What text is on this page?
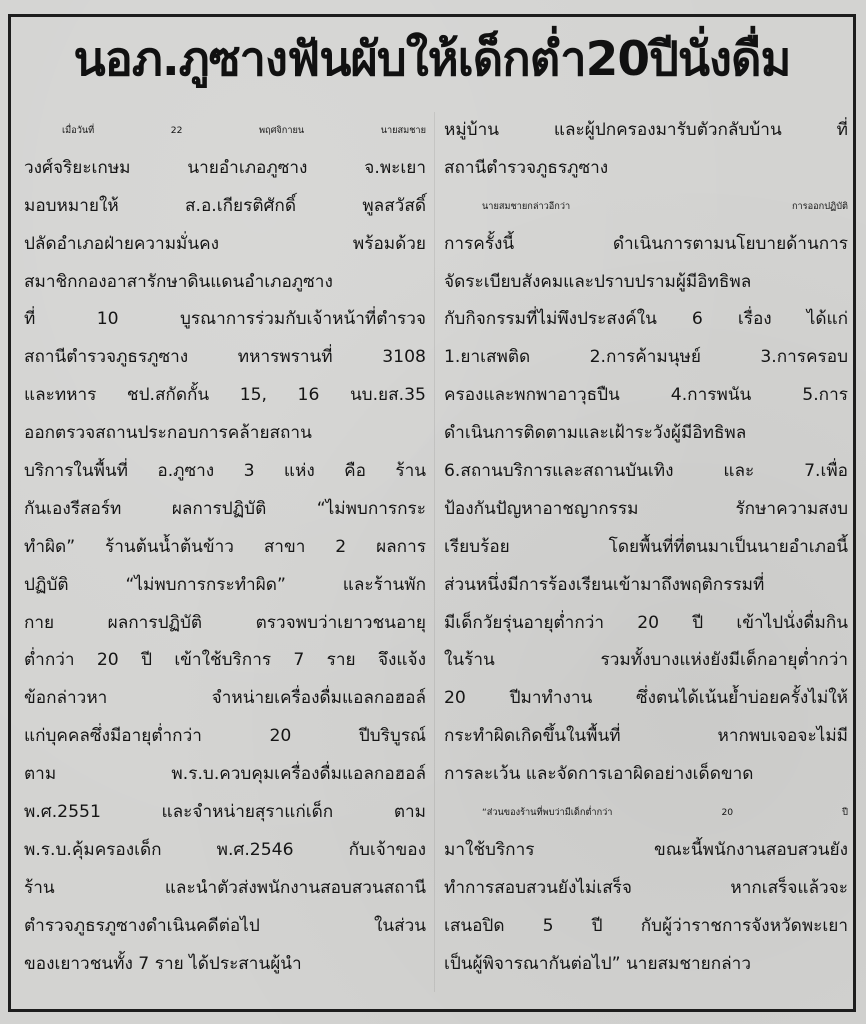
นอภ.ภูซางฟันผับให้เด็กต่ำ20ปีนั่งดื่ม
เมื่อวันที่	22	พฤศจิกายน	นายสมชาย
วงศ์จริยะเกษม	นายอำเภอภูซาง	จ.พะเยา
มอบหมายให้	ส.อ.เกียรติศักดิ์	พูลสวัสดิ์
ปลัดอำเภอฝ่ายความมั่นคง	พร้อมด้วย
สมาชิกกองอาสารักษาดินแดนอำเภอภูซาง
ที่	10	บูรณาการร่วมกับเจ้าหน้าที่ตำรวจ
สถานีตำรวจภูธรภูซาง	ทหารพรานที่	3108
และทหาร ชป.สกัดกั้น 15, 16 นบ.ยส.35
ออกตรวจสถานประกอบการคล้ายสถาน
บริการในพื้นที่ อ.ภูซาง 3 แห่ง คือ ร้าน
กันเองรีสอร์ท	ผลการปฏิบัติ	“ไม่พบการกระ
ทำผิด” ร้านต้นน้ำต้นข้าว สาขา 2 ผลการ
ปฏิบัติ	“ไม่พบการกระทำผิด”	และร้านพัก
กาย	ผลการปฏิบัติ	ตรวจพบว่าเยาวชนอายุ
ต่ำกว่า 20 ปี เข้าใช้บริการ 7 ราย จึงแจ้ง
ข้อกล่าวหา	จำหน่ายเครื่องดื่มแอลกอฮอล์
แก่บุคคลซึ่งมีอายุต่ำกว่า	20	ปีบริบูรณ์
ตาม	พ.ร.บ.ควบคุมเครื่องดื่มแอลกอฮอล์
พ.ศ.2551	และจำหน่ายสุราแก่เด็ก	ตาม
พ.ร.บ.คุ้มครองเด็ก	พ.ศ.2546	กับเจ้าของ
ร้าน	และนำตัวส่งพนักงานสอบสวนสถานี
ตำรวจภูธรภูซางดำเนินคดีต่อไป	ในส่วน
ของเยาวชนทั้ง 7 ราย ได้ประสานผู้นำ
หมู่บ้าน	และผู้ปกครองมารับตัวกลับบ้าน	ที่
สถานีตำรวจภูธรภูซาง
นายสมชายกล่าวอีกว่า	การออกปฏิบัติ
การครั้งนี้	ดำเนินการตามนโยบายด้านการ
จัดระเบียบสังคมและปราบปรามผู้มีอิทธิพล
กับกิจกรรมที่ไม่พึงประสงค์ใน 6 เรื่อง ได้แก่
1.ยาเสพติด	2.การค้ามนุษย์	3.การครอบ
ครองและพกพาอาวุธปืน	4.การพนัน	5.การ
ดำเนินการติดตามและเฝ้าระวังผู้มีอิทธิพล
6.สถานบริการและสถานบันเทิง	และ	7.เพื่อ
ป้องกันปัญหาอาชญากรรม	รักษาความสงบ
เรียบร้อย	โดยพื้นที่ที่ตนมาเป็นนายอำเภอนี้
ส่วนหนึ่งมีการร้องเรียนเข้ามาถึงพฤติกรรมที่
มีเด็กวัยรุ่นอายุต่ำกว่า 20 ปี เข้าไปนั่งดื่มกิน
ในร้าน	รวมทั้งบางแห่งยังมีเด็กอายุต่ำกว่า
20	ปีมาทำงาน	ซึ่งตนได้เน้นย้ำบ่อยครั้งไม่ให้
กระทำผิดเกิดขึ้นในพื้นที่	หากพบเจอจะไม่มี
การละเว้น และจัดการเอาผิดอย่างเด็ดขาด
“ส่วนของร้านที่พบว่ามีเด็กต่ำกว่า	20	ปี
มาใช้บริการ	ขณะนี้พนักงานสอบสวนยัง
ทำการสอบสวนยังไม่เสร็จ	หากเสร็จแล้วจะ
เสนอปิด 5 ปี กับผู้ว่าราชการจังหวัดพะเยา
เป็นผู้พิจารณากันต่อไป” นายสมชายกล่าว
